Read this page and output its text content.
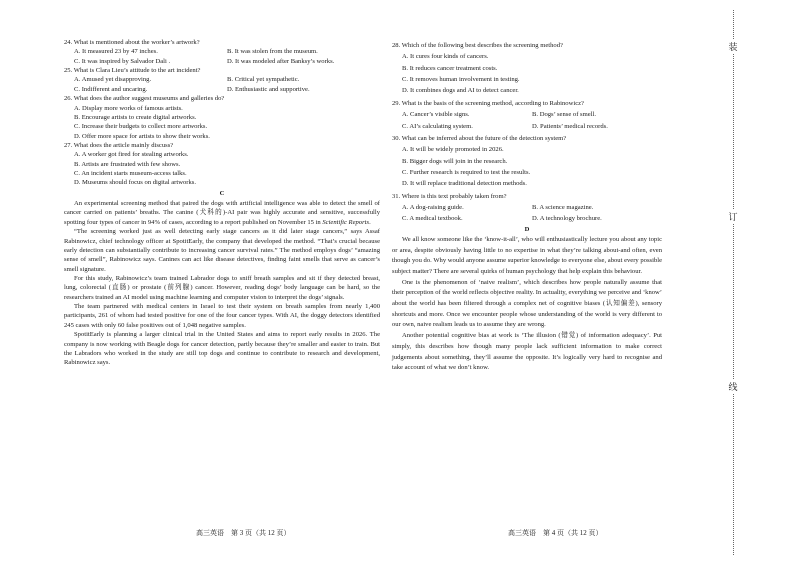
24. What is mentioned about the worker’s artwork?
A. It measured 23 by 47 inches.	B. It was stolen from the museum.
C. It was inspired by Salvador Dali .	D. It was modeled after Banksy’s works.
25. What is Clara Lieu’s attitude to the art incident?
A. Amused yet disapproving.	B. Critical yet sympathetic.
C. Indifferent and uncaring.	D. Enthusiastic and supportive.
26. What does the author suggest museums and galleries do?
A. Display more works of famous artists.
B. Encourage artists to create digital artworks.
C. Increase their budgets to collect more artworks.
D. Offer more space for artists to show their works.
27. What does the article mainly discuss?
A. A worker got fired for stealing artworks.
B. Artists are frustrated with few shows.
C. An incident starts museum-access talks.
D. Museums should focus on digital artworks.
C

An experimental screening method that paired the dogs with artificial intelligence was able to detect the smell of cancer carried on patients’ breaths. The canine (犬科的)-AI pair was highly accurate and sensitive, successfully spotting four types of cancer in 94% of cases, according to a report published on November 15 in Scientific Reports.

“The screening worked just as well detecting early stage cancers as it did later stage cancers,” says Assaf Rabinowicz, chief technology officer at SpotitEarly, the company that developed the method. “That’s crucial because early detection can substantially contribute to increasing cancer survival rates.” The method employs dogs’ “amazing sense of smell”, Rabinowicz says. Canines can act like disease detectives, finding faint smells that serve as cancer’s smell signature.

For this study, Rabinowicz’s team trained Labrador dogs to sniff breath samples and sit if they detected breast, lung, colorectal (直肠) or prostate (前列腺) cancer. However, reading dogs’ body language can be hard, so the researchers trained an AI model using machine learning and computer vision to interpret the dogs’ signals.

The team partnered with medical centers in Israel to test their system on breath samples from nearly 1,400 participants, 261 of whom had tested positive for one of the four cancer types. With AI, the doggy detectors identified 245 cases with only 60 false positives out of 1,048 negative samples.

SpotitEarly is planning a larger clinical trial in the United States and aims to report early results in 2026. The company is now working with Beagle dogs for cancer detection, partly because they’re smaller and easier to train. But the Labradors who worked in the study are still top dogs and continue to contribute to research and development, Rabinowicz says.

高三英语　第 3 页（共 12 页）
28. Which of the following best describes the screening method?
A. It cures four kinds of cancers.
B. It reduces cancer treatment costs.
C. It removes human involvement in testing.
D. It combines dogs and AI to detect cancer.
29. What is the basis of the screening method, according to Rabinowicz?
A. Cancer’s visible signs.	B. Dogs’ sense of smell.
C. AI’s calculating system.	D. Patients’ medical records.
30. What can be inferred about the future of the detection system?
A. It will be widely promoted in 2026.
B. Bigger dogs will join in the research.
C. Further research is required to test the results.
D. It will replace traditional detection methods.
31. Where is this text probably taken from?
A. A dog-raising guide.	B. A science magazine.
C. A medical textbook.	D. A technology brochure.
D

We all know someone like the ‘know-it-all’, who will enthusiastically lecture you about any topic or area, despite obviously having little to no expertise in what they’re talking about-and often, even though you do. Why would anyone assume superior knowledge to everyone else, about every possible subject matter? There are several quirks of human psychology that help explain this behaviour.

One is the phenomenon of ‘naive realism’, which describes how people naturally assume that their perception of the world reflects objective reality. In actuality, everything we perceive and ‘know’ about the world has been filtered through a complex net of cognitive biases (认知偏差), sensory shortcuts and more. Once we encounter people whose understanding of the world is very different to our own, naive realism leads us to assume they are wrong.

Another potential cognitive bias at work is ‘The illusion (错觉) of information adequacy’. Put simply, this describes how though many people lack sufficient information to make correct judgements about something, they’ll assume the opposite. It’s logically very hard to recognise and take account of what we don’t know.

高三英语　第 4 页（共 12 页）
装
订
线
